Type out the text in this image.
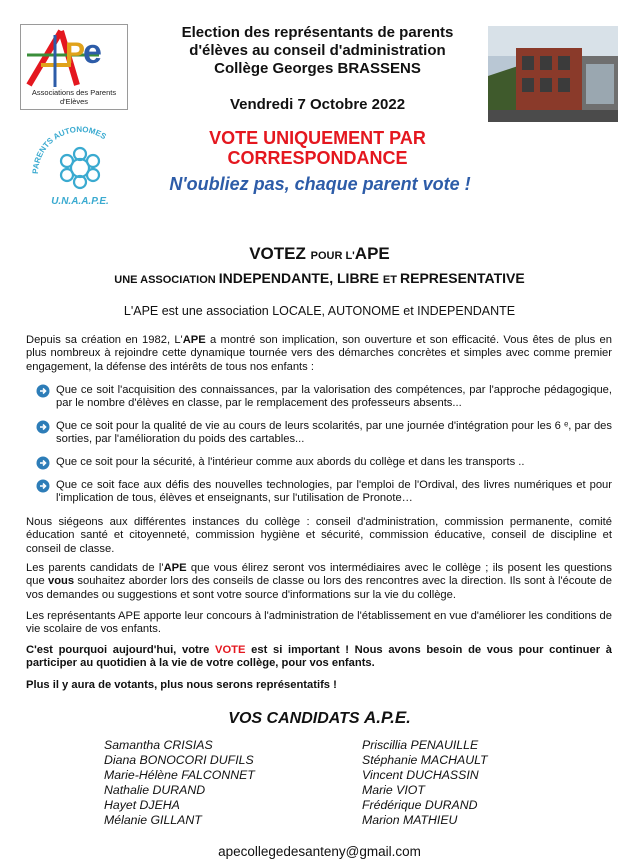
e
P
Associations des Parents d'Elèves
Election des représentants de parents
d'élèves au conseil d'administration
Collège Georges BRASSENS
Vendredi 7 Octobre 2022
PARENTS AUTONOMES
U.N.A.A.P.E.
VOTE UNIQUEMENT PAR
CORRESPONDANCE
N'oubliez pas, chaque parent vote !
VOTEZ POUR L'APE
UNE ASSOCIATION INDEPENDANTE, LIBRE ET REPRESENTATIVE
L'APE est une association LOCALE, AUTONOME et INDEPENDANTE
Depuis sa création en 1982, L'APE a montré son implication, son ouverture et son efficacité. Vous êtes de plus en plus nombreux à rejoindre cette dynamique tournée vers des démarches concrètes et simples avec comme premier engagement, la défense des intérêts de tous nos enfants :
Que ce soit l'acquisition des connaissances, par la valorisation des compétences, par l'approche pédagogique, par le nombre d'élèves en classe, par le remplacement des professeurs absents...
Que ce soit pour la qualité de vie au cours de leurs scolarités, par une journée d'intégration pour les 6 ᵉ, par des sorties, par l'amélioration du poids des cartables...
Que ce soit pour la sécurité, à l'intérieur comme aux abords du collège et dans les transports ..
Que ce soit face aux défis des nouvelles technologies, par l'emploi de l'Ordival, des livres numériques et pour l'implication de tous, élèves et enseignants, sur l'utilisation de Pronote…
Nous siégeons aux différentes instances du collège : conseil d'administration, commission permanente, comité éducation santé et citoyenneté, commission hygiène et sécurité, commission éducative, conseil de discipline et conseil de classe.
Les parents candidats de l'APE que vous élirez seront vos intermédiaires avec le collège ; ils posent les questions que vous souhaitez aborder lors des conseils de classe ou lors des rencontres avec la direction. Ils sont à l'écoute de vos demandes ou suggestions et sont votre source d'informations sur la vie du collège.
Les représentants APE apporte leur concours à l'administration de l'établissement en vue d'améliorer les conditions de vie scolaire de vos enfants.
C'est pourquoi aujourd'hui, votre VOTE est si important ! Nous avons besoin de vous pour continuer à participer au quotidien à la vie de votre collège, pour vos enfants.
Plus il y aura de votants, plus nous serons représentatifs !
VOS CANDIDATS A.P.E.
Samantha CRISIAS
Diana BONOCORI DUFILS
Marie-Hélène FALCONNET
Nathalie DURAND
Hayet DJEHA
Mélanie GILLANT
Priscillia PENAUILLE
Stéphanie MACHAULT
Vincent DUCHASSIN
Marie VIOT
Frédérique DURAND
Marion MATHIEU
apecollegedesanteny@gmail.com
